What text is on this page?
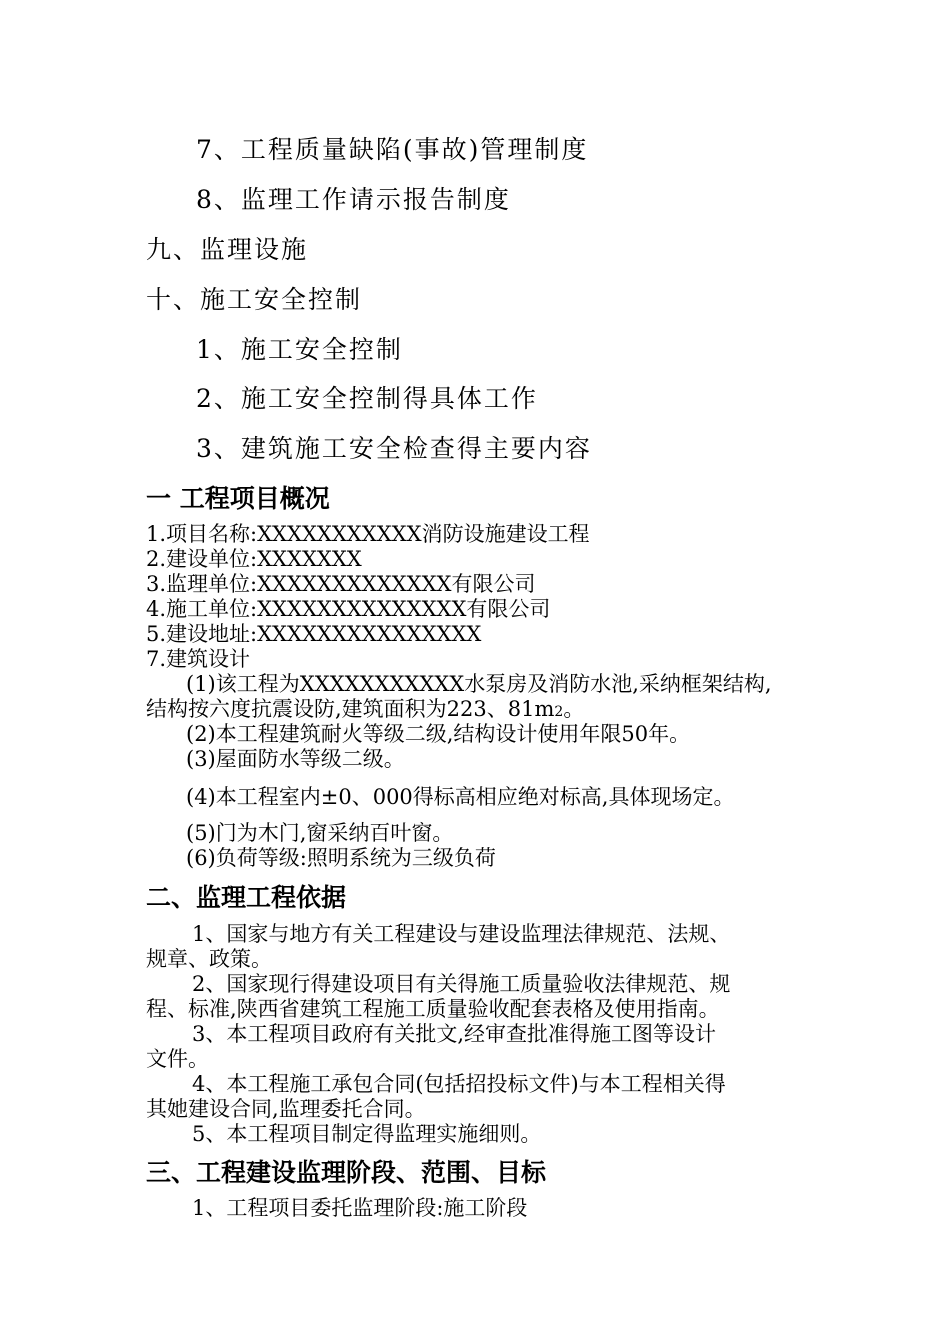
7、工程质量缺陷(事故)管理制度
8、监理工作请示报告制度
九、监理设施
十、施工安全控制
1、施工安全控制
2、施工安全控制得具体工作
3、建筑施工安全检查得主要内容
一 工程项目概况
1.项目名称:XXXXXXXXXXX消防设施建设工程
2.建设单位:XXXXXXX
3.监理单位:XXXXXXXXXXXXX有限公司
4.施工单位:XXXXXXXXXXXXXX有限公司
5.建设地址:XXXXXXXXXXXXXXX
7.建筑设计
(1)该工程为XXXXXXXXXXX水泵房及消防水池,采纳框架结构,
结构按六度抗震设防,建筑面积为223、81m2。
(2)本工程建筑耐火等级二级,结构设计使用年限50年。
(3)屋面防水等级二级。
(4)本工程室内±0、000得标高相应绝对标高,具体现场定。
(5)门为木门,窗采纳百叶窗。
(6)负荷等级:照明系统为三级负荷
二、监理工程依据
1、国家与地方有关工程建设与建设监理法律规范、法规、
规章、政策。
2、国家现行得建设项目有关得施工质量验收法律规范、规
程、标准,陕西省建筑工程施工质量验收配套表格及使用指南。
3、本工程项目政府有关批文,经审查批准得施工图等设计
文件。
4、本工程施工承包合同(包括招投标文件)与本工程相关得
其她建设合同,监理委托合同。
5、本工程项目制定得监理实施细则。
三、工程建设监理阶段、范围、目标
1、工程项目委托监理阶段:施工阶段
